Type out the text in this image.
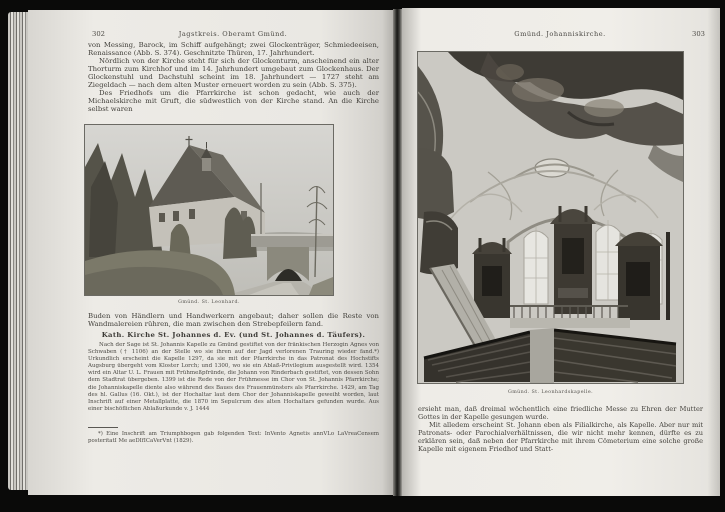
302	Jagstkreis. Oberamt Gmünd.

von Messing, Barock, im Schiff aufgehängt; zwei Glockenträger, Schmiedeeisen, Renaissance (Abb. S. 374). Geschnitzte Thüren, 17. Jahrhundert.

Nördlich von der Kirche steht für sich der Glockenturm, anscheinend ein alter Thorturm zum Kirchhof und im 14. Jahrhundert umgebaut zum Glockenhaus. Der Glockenstuhl und Dachstuhl scheint im 18. Jahrhundert — 1727 steht am Ziegeldach — nach dem alten Muster erneuert worden zu sein (Abb. S. 375).

Des Friedhofs um die Pfarrkirche ist schon gedacht, wie auch der Michaelskirche mit Gruft, die südwestlich von der Kirche stand. An die Kirche selbst waren

Gmünd. St. Leonhard.

Buden von Händlern und Handwerkern angebaut; daher sollen die Reste von Wandmalereien rühren, die man zwischen den Strebepfeilern fand.

Kath. Kirche St. Johannes d. Ev. (und St. Johannes d. Täufers).
Nach der Sage ist St. Johannis Kapelle zu Gmünd gestiftet von der fränkischen Herzogin Agnes von Schwaben († 1106) an der Stelle wo sie ihren auf der Jagd verlorenen Trauring wieder fand.*) Urkundlich erscheint die Kapelle 1297, da sie mit der Pfarrkirche in das Patronat des Hochstifts Augsburg übergeht vom Kloster Lorch; und 1300, wo sie ein Ablaß-Privilegium ausgestellt wird. 1354 wird ein Altar U. L. Frauen mit Frühmeßpfründe, die Johann von Rinderbach gestiftet, von dessen Sohn dem Stadtrat übergeben. 1399 ist die Rede von der Frühmesse im Chor von St. Johannis Pfarrkirche; die Johanniskapelle diente also während des Baues des Frauenmünsters als Pfarrkirche. 1429, am Tag des hl. Gallus (16. Okt.), ist der Hochaltar laut dem Chor der Johanniskapelle geweiht worden, laut Inschrift auf einer Metallplatte, die 1870 im Sepulcrum des alten Hochaltars gefunden wurde. Aus einer bischöflichen Ablaßurkunde v. J. 1444
*) Eine Inschrift am Triumphbogen gab folgenden Text: InVento Agnetis annVLo LaVreaCensem posteritatI Me aeDIfICaVerVnt (1829).
Gmünd. Johanniskirche.	303
Gmünd. St. Leonhardskapelle.

ersieht man, daß dreimal wöchentlich eine friedliche Messe zu Ehren der Mutter Gottes in der Kapelle gesungen wurde.

Mit alledem erscheint St. Johann eben als Filialkirche, als Kapelle. Aber nur mit Patronats- oder Parochialverhältnissen, die wir nicht mehr kennen, dürfte es zu erklären sein, daß neben der Pfarrkirche mit ihrem Cömeterium eine solche große Kapelle mit eigenem Friedhof und Statt-
